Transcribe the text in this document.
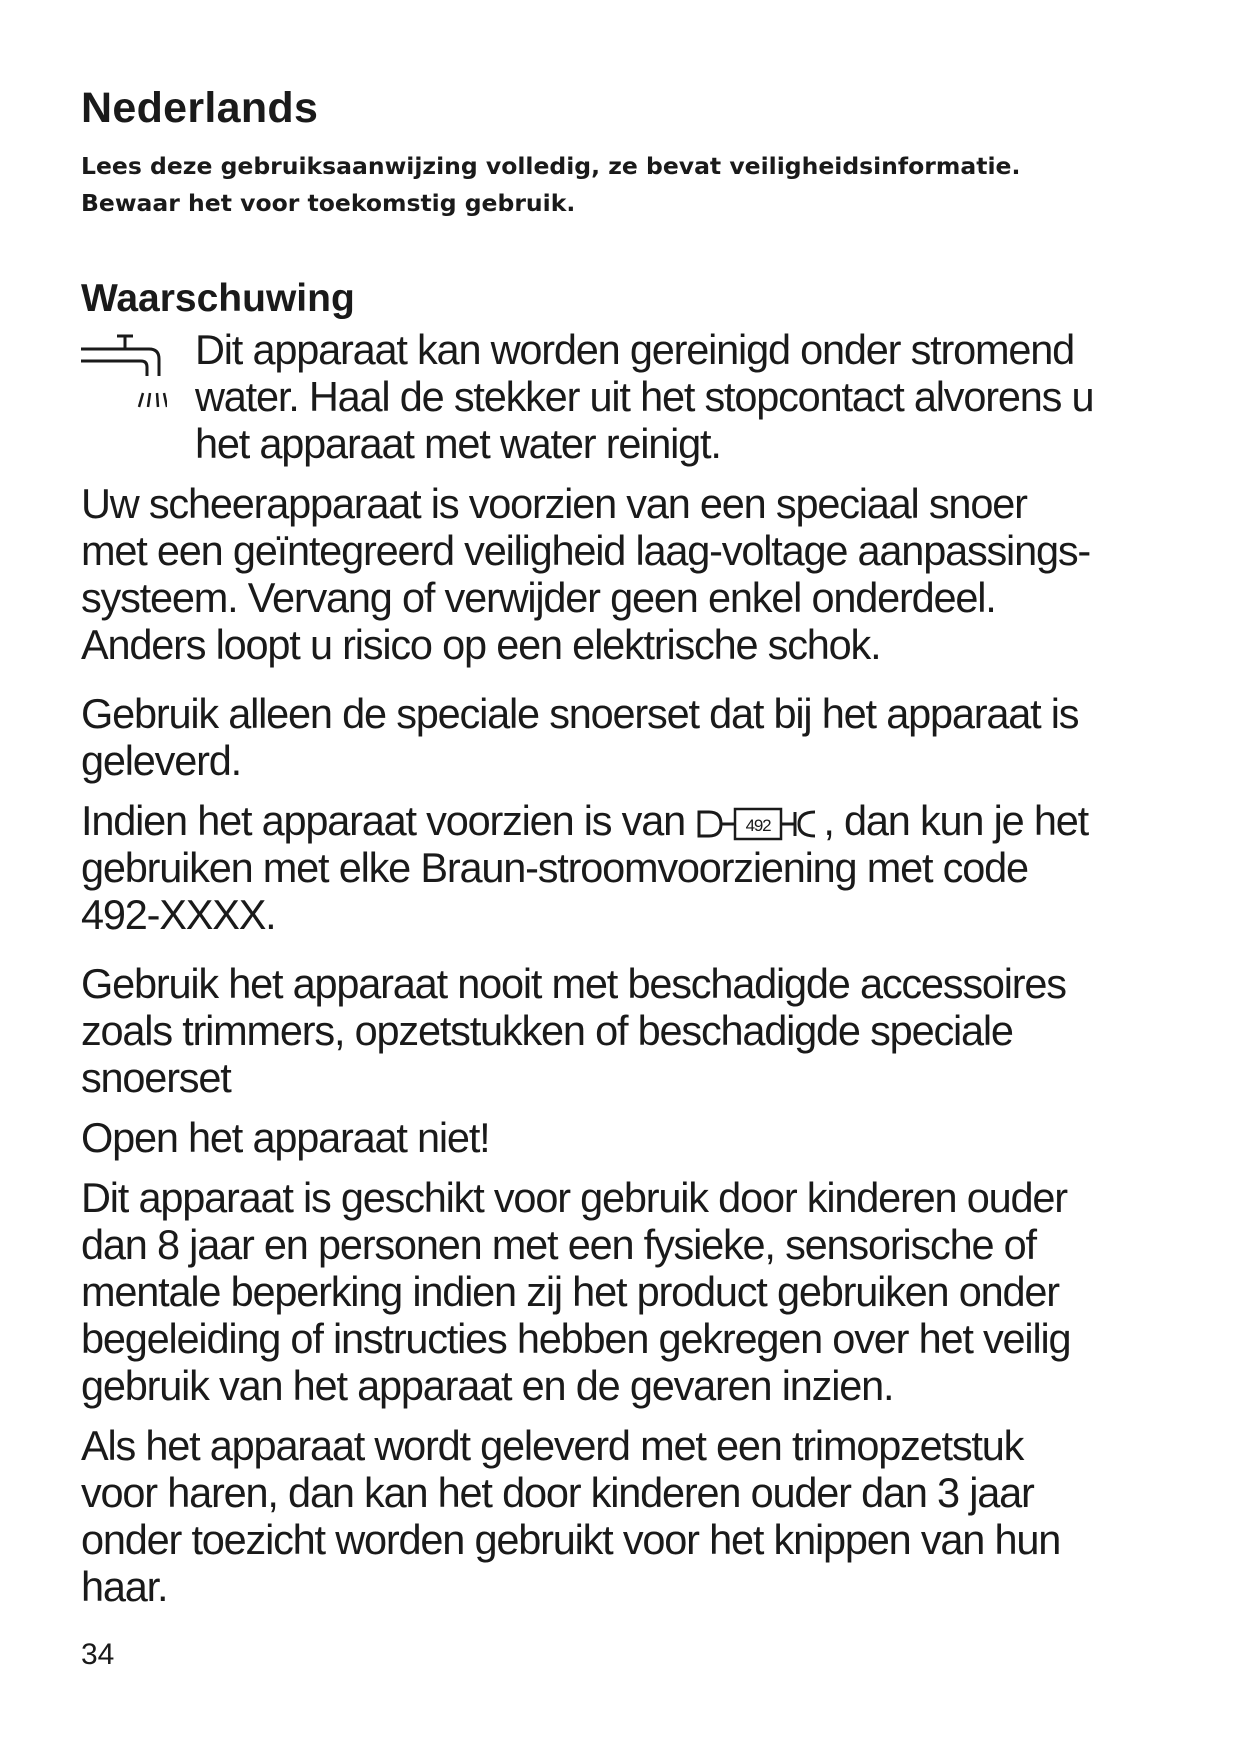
Nederlands

Lees deze gebruiksaanwijzing volledig, ze bevat veiligheidsinformatie.
Bewaar het voor toekomstig gebruik.

Waarschuwing

Dit apparaat kan worden gereinigd onder stromend
water. Haal de stekker uit het stopcontact alvorens u
het apparaat met water reinigt.

Uw scheerapparaat is voorzien van een speciaal snoer
met een geïntegreerd veiligheid laag-voltage aanpassings-
systeem. Vervang of verwijder geen enkel onderdeel.
Anders loopt u risico op een elektrische schok.

Gebruik alleen de speciale snoerset dat bij het apparaat is
geleverd.

Indien het apparaat voorzien is van	492 , dan kun je het
gebruiken met elke Braun-stroomvoorziening met code
492-XXXX.

Gebruik het apparaat nooit met beschadigde accessoires
zoals trimmers, opzetstukken of beschadigde speciale
snoerset

Open het apparaat niet!

Dit apparaat is geschikt voor gebruik door kinderen ouder
dan 8 jaar en personen met een fysieke, sensorische of
mentale beperking indien zij het product gebruiken onder
begeleiding of instructies hebben gekregen over het veilig
gebruik van het apparaat en de gevaren inzien.

Als het apparaat wordt geleverd met een trimopzetstuk
voor haren, dan kan het door kinderen ouder dan 3 jaar
onder toezicht worden gebruikt voor het knippen van hun
haar.

34
